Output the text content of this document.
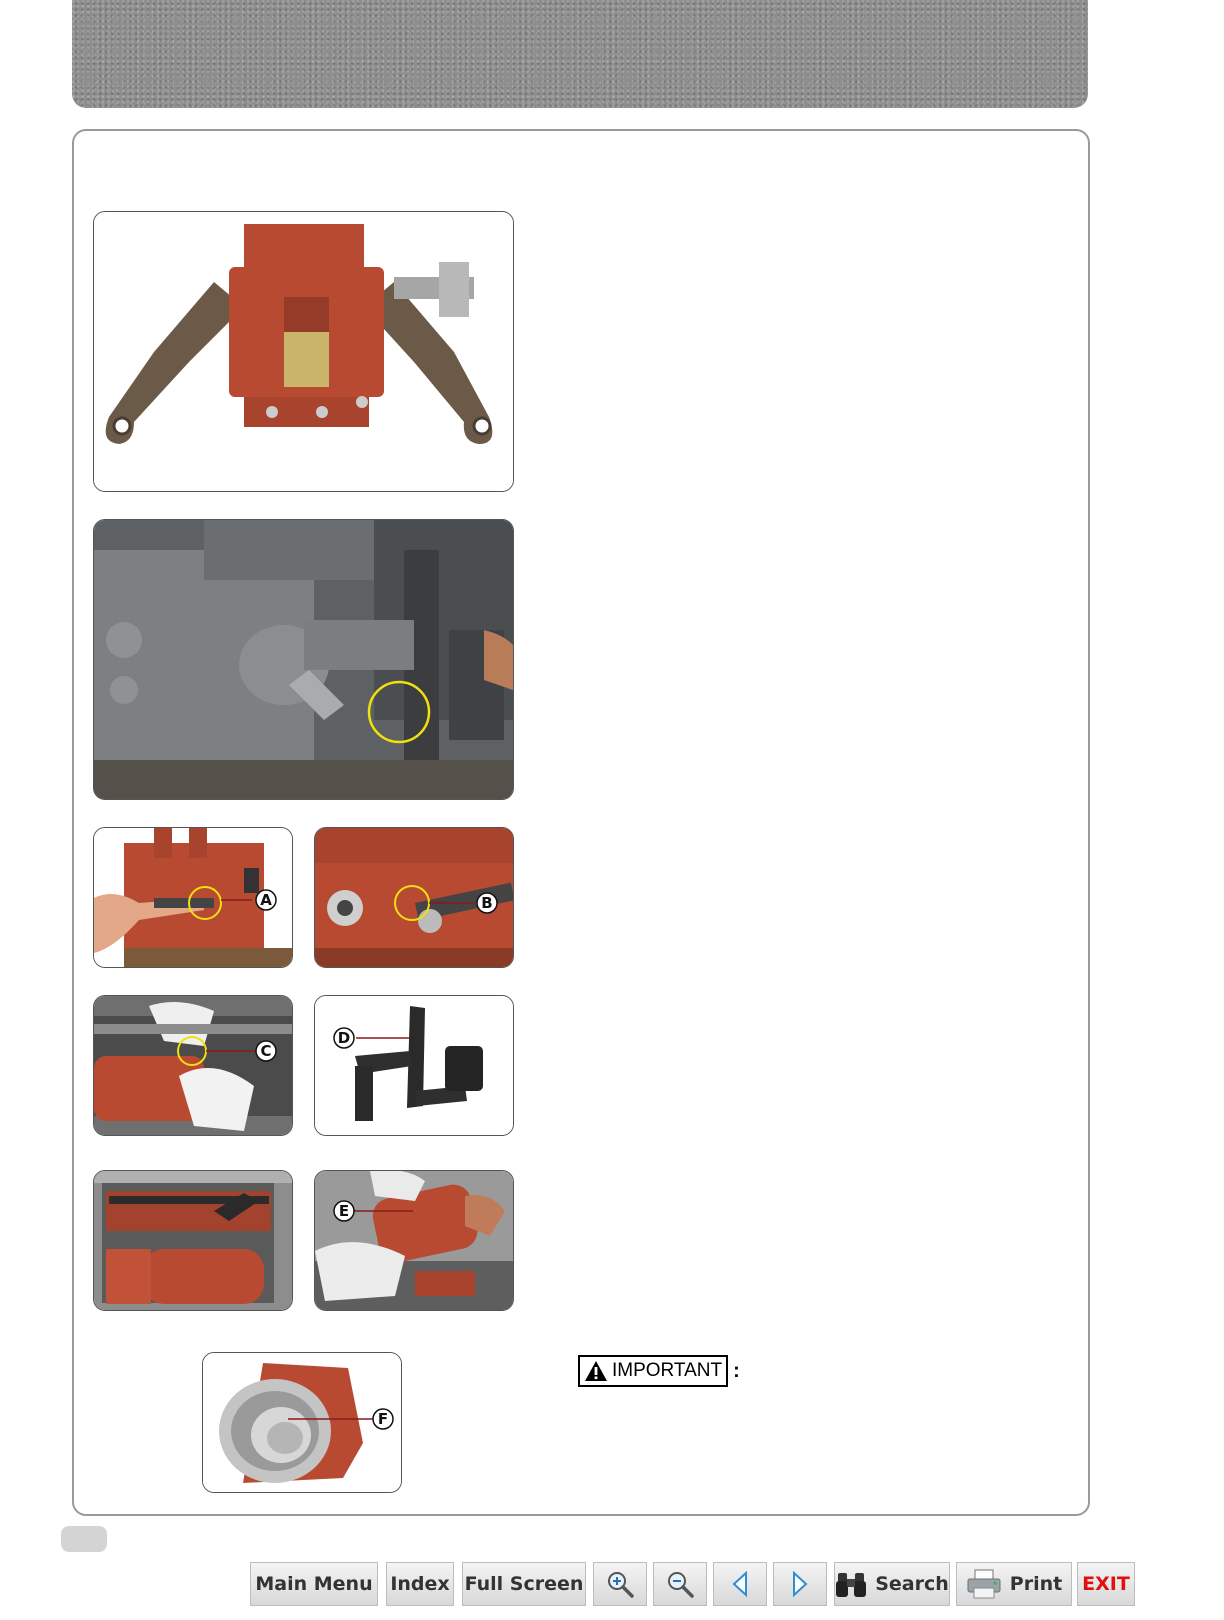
A	B
C
D
E
F
IMPORTANT :
Main Menu Index Full Screen	Search	Print EXIT
